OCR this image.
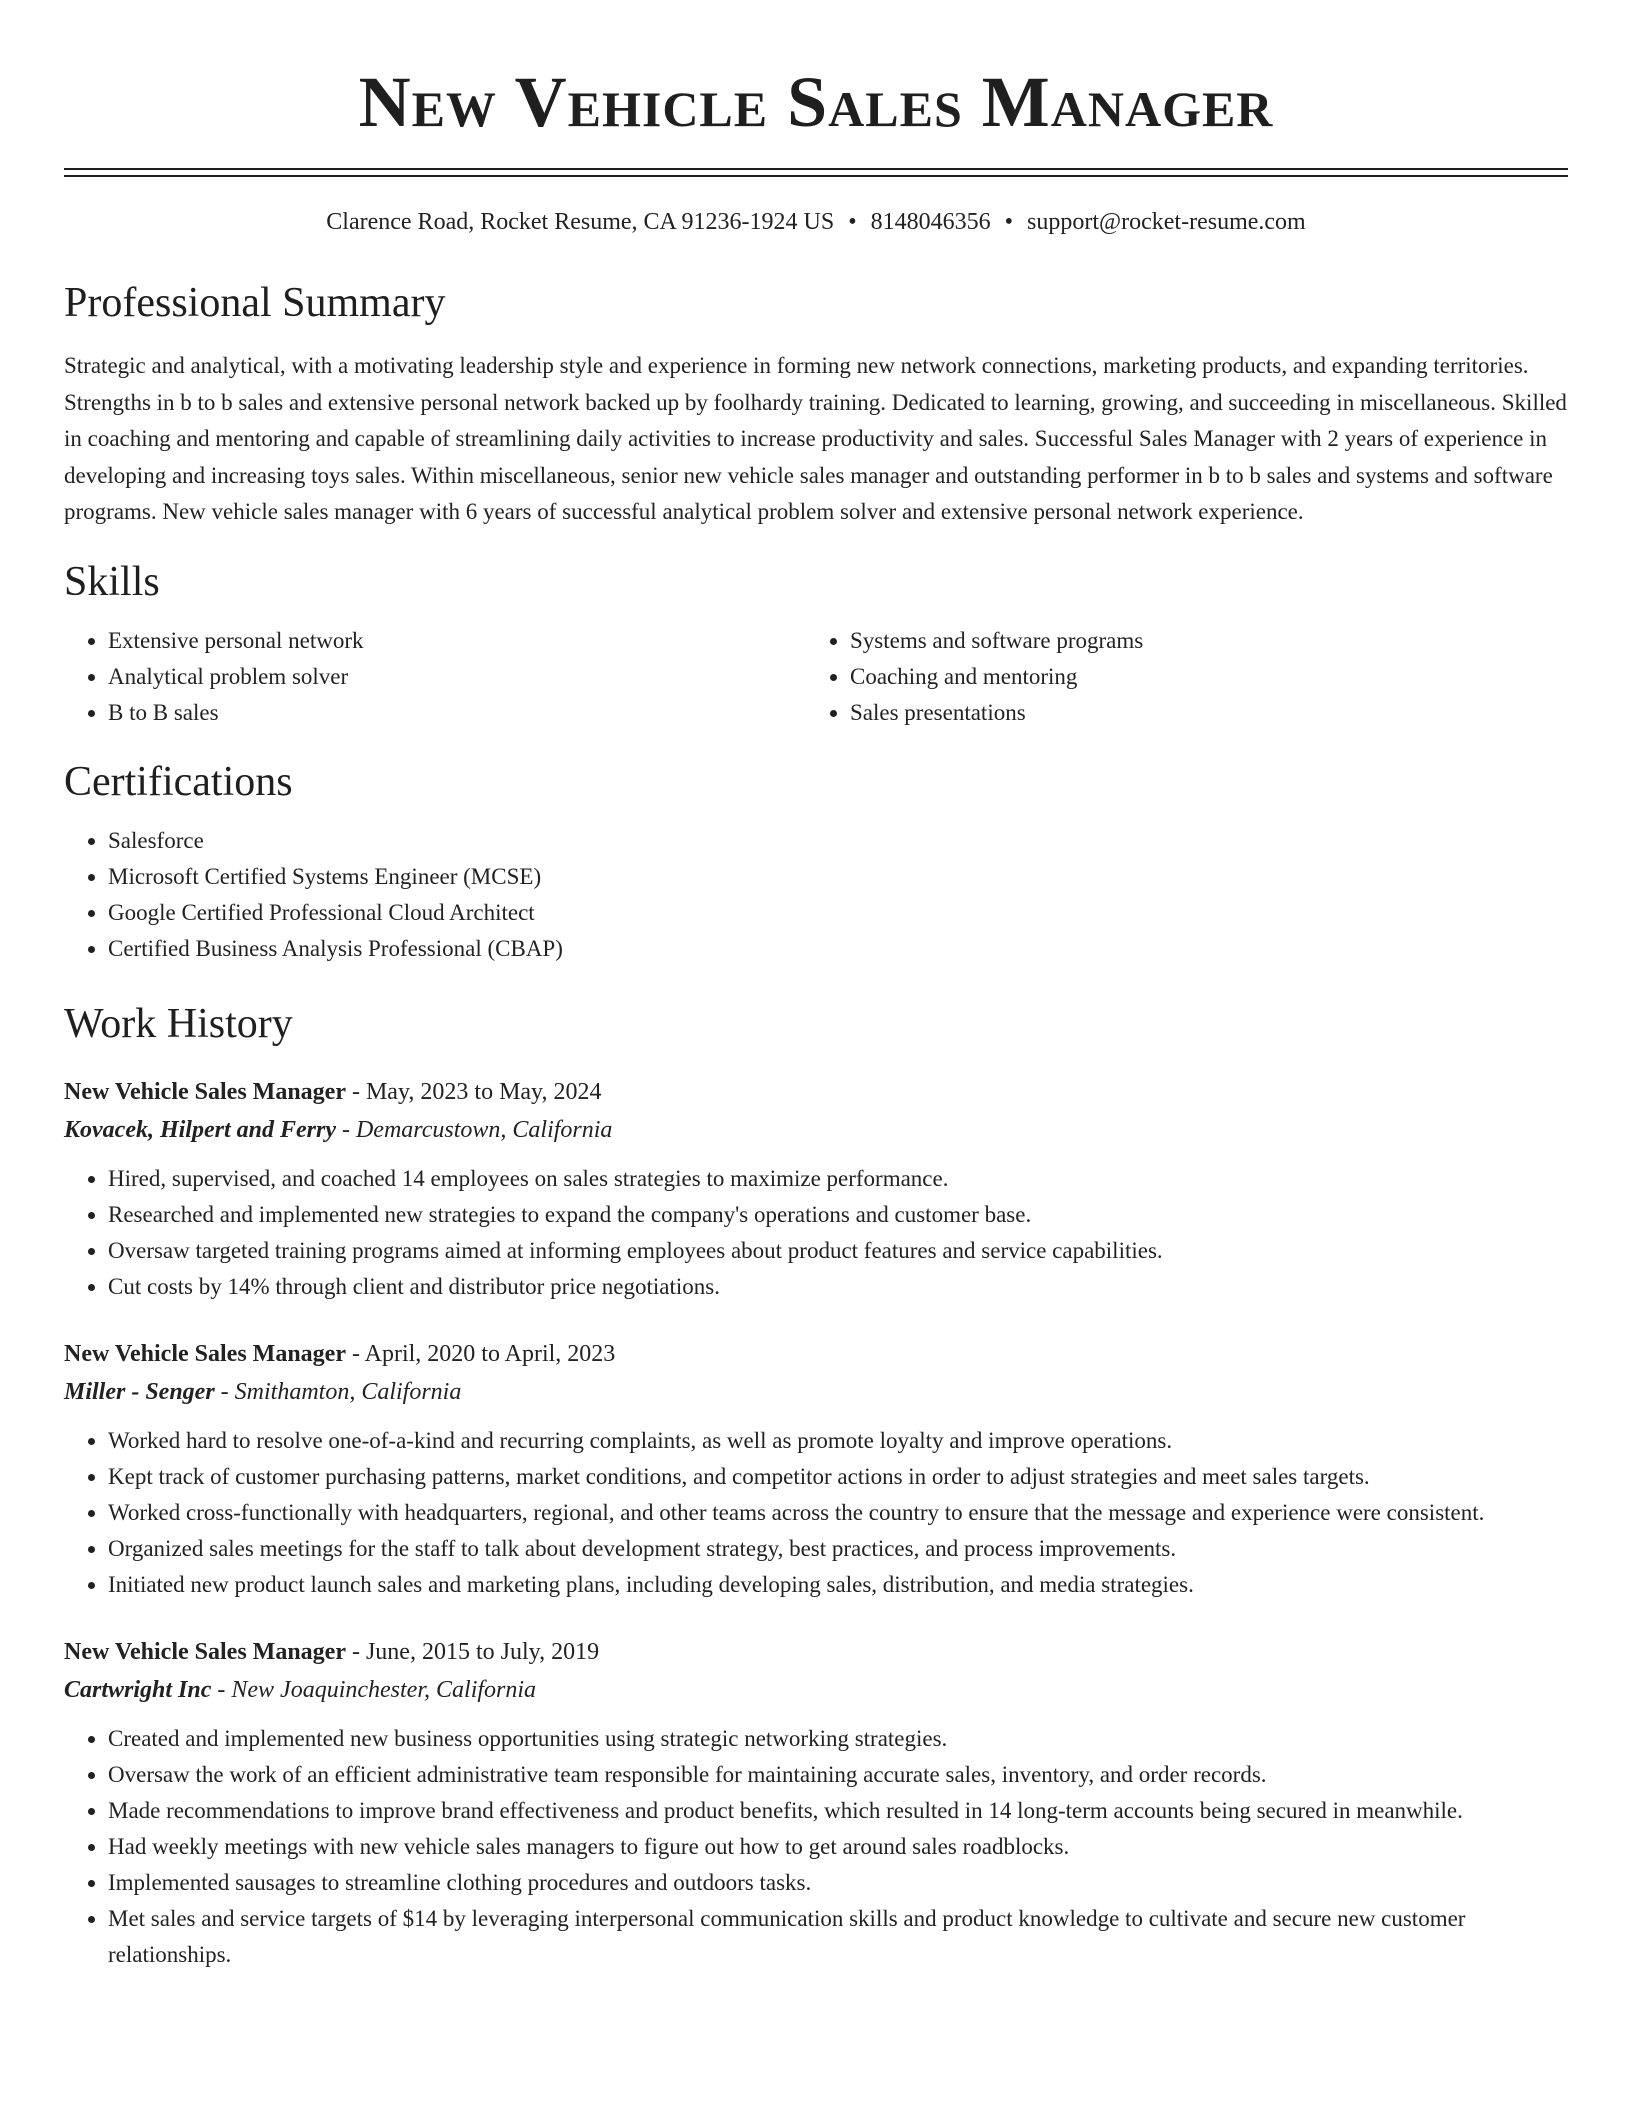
New Vehicle Sales Manager
Clarence Road, Rocket Resume, CA 91236-1924 US • 8148046356 • support@rocket-resume.com
Professional Summary

Strategic and analytical, with a motivating leadership style and experience in forming new network connections, marketing products, and expanding territories. Strengths in b to b sales and extensive personal network backed up by foolhardy training. Dedicated to learning, growing, and succeeding in miscellaneous. Skilled in coaching and mentoring and capable of streamlining daily activities to increase productivity and sales. Successful Sales Manager with 2 years of experience in developing and increasing toys sales. Within miscellaneous, senior new vehicle sales manager and outstanding performer in b to b sales and systems and software programs. New vehicle sales manager with 6 years of successful analytical problem solver and extensive personal network experience.

Skills
• Extensive personal network
• Analytical problem solver
• B to B sales
• Systems and software programs
• Coaching and mentoring
• Sales presentations
Certifications
• Salesforce
• Microsoft Certified Systems Engineer (MCSE)
• Google Certified Professional Cloud Architect
• Certified Business Analysis Professional (CBAP)
Work History
New Vehicle Sales Manager - May, 2023 to May, 2024
Kovacek, Hilpert and Ferry - Demarcustown, California
• Hired, supervised, and coached 14 employees on sales strategies to maximize performance.
• Researched and implemented new strategies to expand the company's operations and customer base.
• Oversaw targeted training programs aimed at informing employees about product features and service capabilities.
• Cut costs by 14% through client and distributor price negotiations.
New Vehicle Sales Manager - April, 2020 to April, 2023
Miller - Senger - Smithamton, California
• Worked hard to resolve one-of-a-kind and recurring complaints, as well as promote loyalty and improve operations.
• Kept track of customer purchasing patterns, market conditions, and competitor actions in order to adjust strategies and meet sales targets.
• Worked cross-functionally with headquarters, regional, and other teams across the country to ensure that the message and experience were consistent.
• Organized sales meetings for the staff to talk about development strategy, best practices, and process improvements.
• Initiated new product launch sales and marketing plans, including developing sales, distribution, and media strategies.
New Vehicle Sales Manager - June, 2015 to July, 2019
Cartwright Inc - New Joaquinchester, California
• Created and implemented new business opportunities using strategic networking strategies.
• Oversaw the work of an efficient administrative team responsible for maintaining accurate sales, inventory, and order records.
• Made recommendations to improve brand effectiveness and product benefits, which resulted in 14 long-term accounts being secured in meanwhile.
• Had weekly meetings with new vehicle sales managers to figure out how to get around sales roadblocks.
• Implemented sausages to streamline clothing procedures and outdoors tasks.
• Met sales and service targets of $14 by leveraging interpersonal communication skills and product knowledge to cultivate and secure new customer relationships.
